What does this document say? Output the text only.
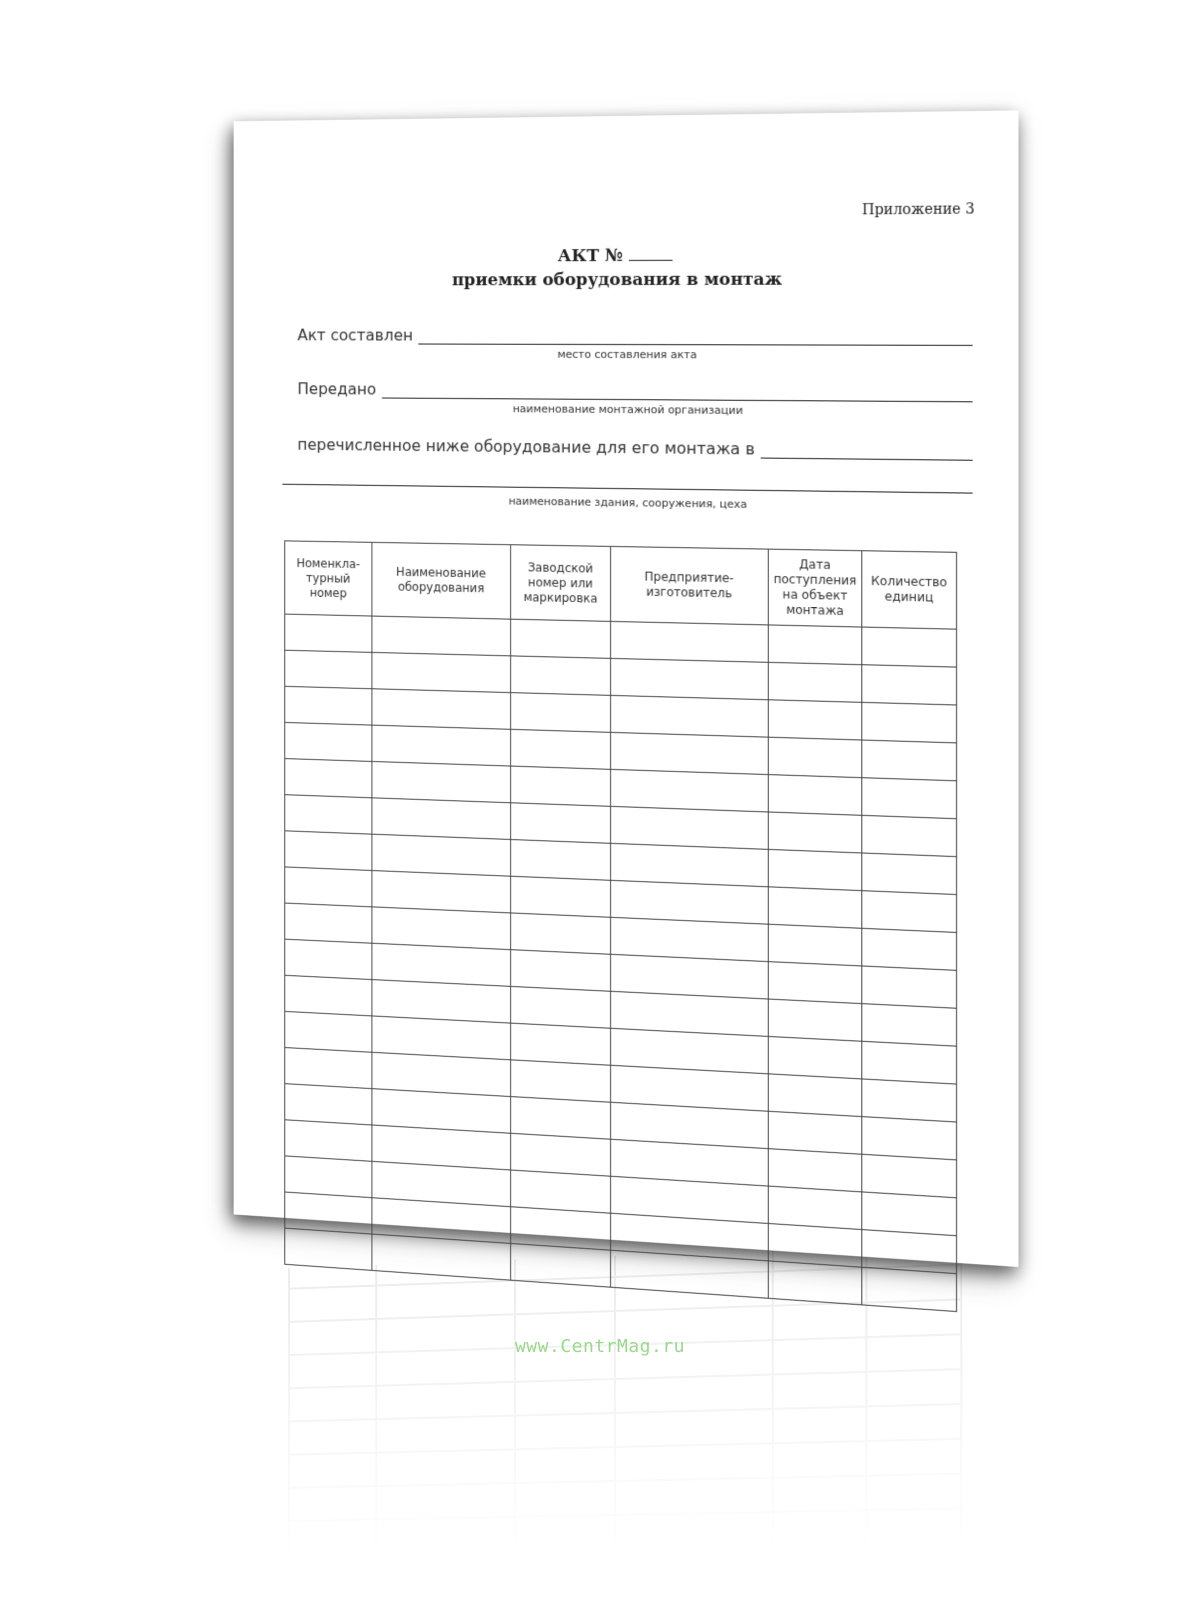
Приложение 3
АКТ №
приемки оборудования в монтаж
Акт составлен
место составления акта
Передано
наименование монтажной организации
перечисленное ниже оборудование для его монтажа в
наименование здания, сооружения, цеха
Номенкла-турный номер	Наименование оборудования	Заводской номер или маркировка	Предприятие-изготовитель	Дата поступления на объект монтажа	Количество единиц

www.CentrMag.ru
